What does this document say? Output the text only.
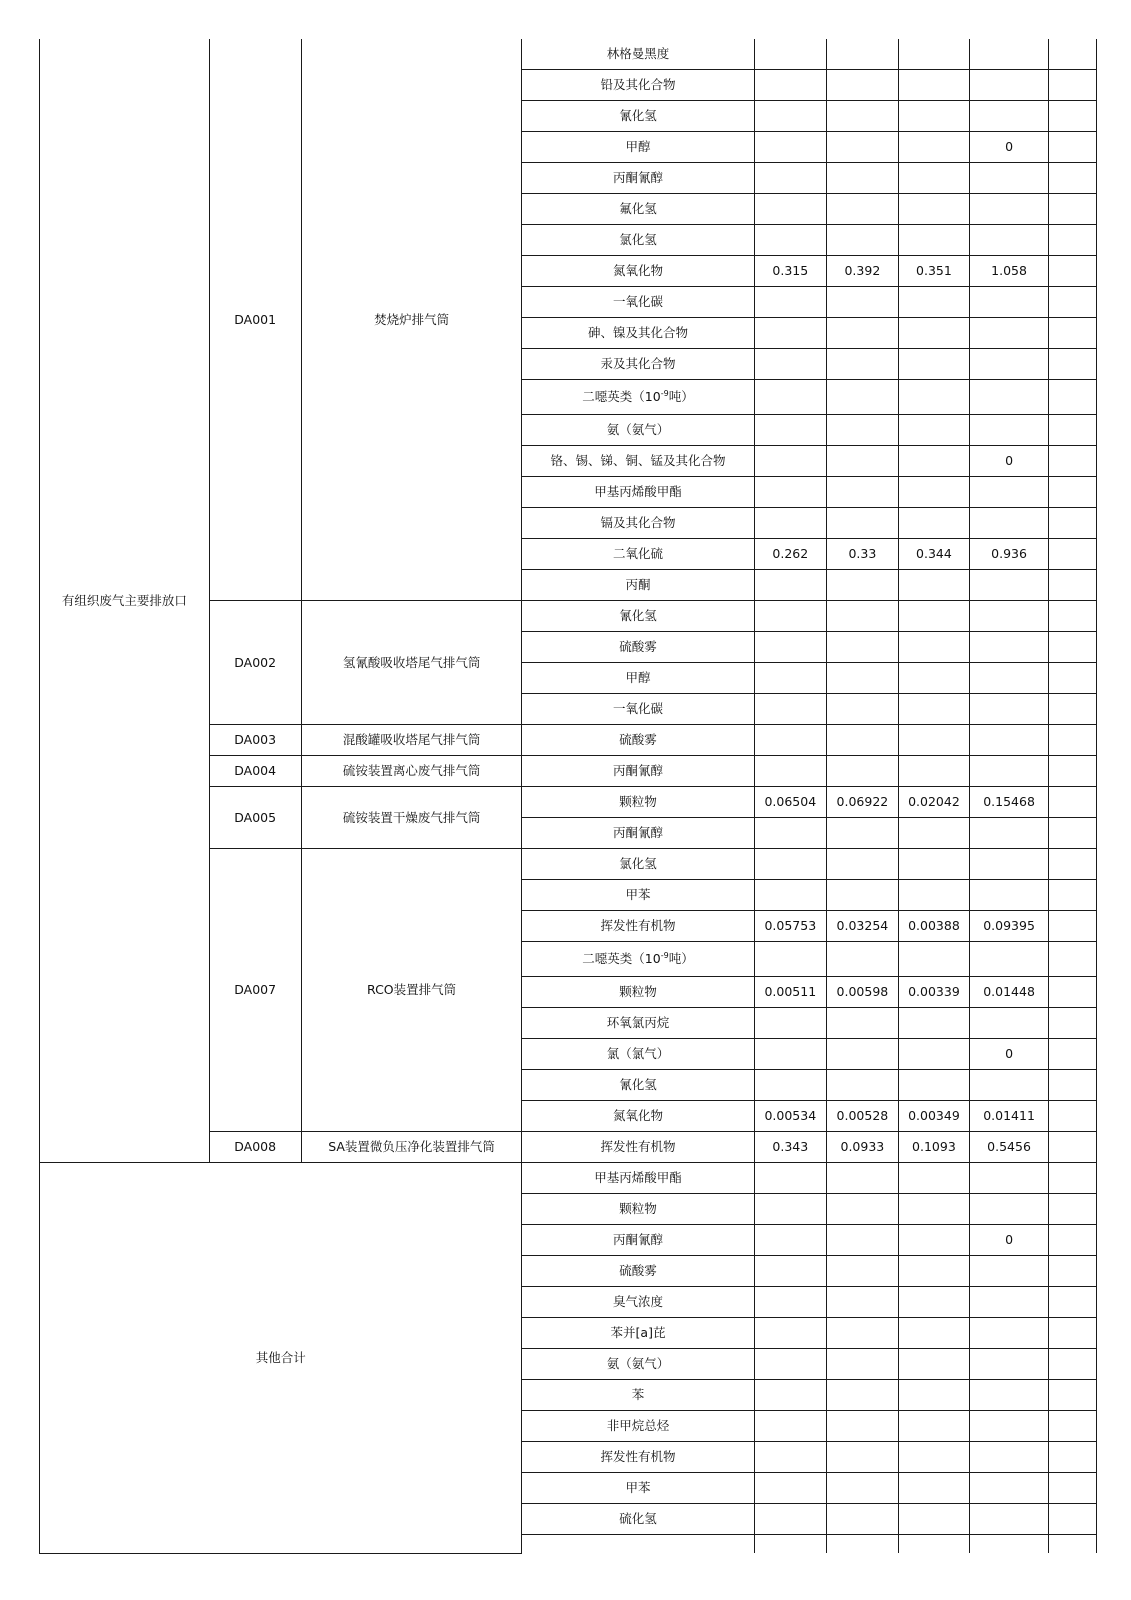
有组织废气主要排放口	DA001	焚烧炉排气筒	林格曼黑度					
			铅及其化合物					
			氰化氢					
			甲醇				0	
			丙酮氰醇					
			氟化氢					
			氯化氢					
			氮氧化物	0.315	0.392	0.351	1.058	
			一氧化碳					
			砷、镍及其化合物					
			汞及其化合物					
			二噁英类（$10^{-9}$吨）					
			氨（氨气）					
			铬、锡、锑、铜、锰及其化合物				0	
			甲基丙烯酸甲酯					
			镉及其化合物					
			二氧化硫	0.262	0.33	0.344	0.936	
			丙酮					
	DA002	氢氰酸吸收塔尾气排气筒	氰化氢					
			硫酸雾					
			甲醇					
			一氧化碳					
	DA003	混酸罐吸收塔尾气排气筒	硫酸雾					
	DA004	硫铵装置离心废气排气筒	丙酮氰醇					
	DA005	硫铵装置干燥废气排气筒	颗粒物	0.06504	0.06922	0.02042	0.15468	
			丙酮氰醇					
	DA007	RCO装置排气筒	氯化氢					
			甲苯					
			挥发性有机物	0.05753	0.03254	0.00388	0.09395	
			二噁英类（$10^{-9}$吨）					
			颗粒物	0.00511	0.00598	0.00339	0.01448	
			环氧氯丙烷					
			氯（氯气）				0	
			氰化氢					
			氮氧化物	0.00534	0.00528	0.00349	0.01411	
	DA008	SA装置微负压净化装置排气筒	挥发性有机物	0.343	0.0933	0.1093	0.5456	
其他合计			甲基丙烯酸甲酯					
			颗粒物					
			丙酮氰醇				0	
			硫酸雾					
			臭气浓度					
			苯并[a]芘					
			氨（氨气）					
			苯					
			非甲烷总烃					
			挥发性有机物					
			甲苯					
			硫化氢					
